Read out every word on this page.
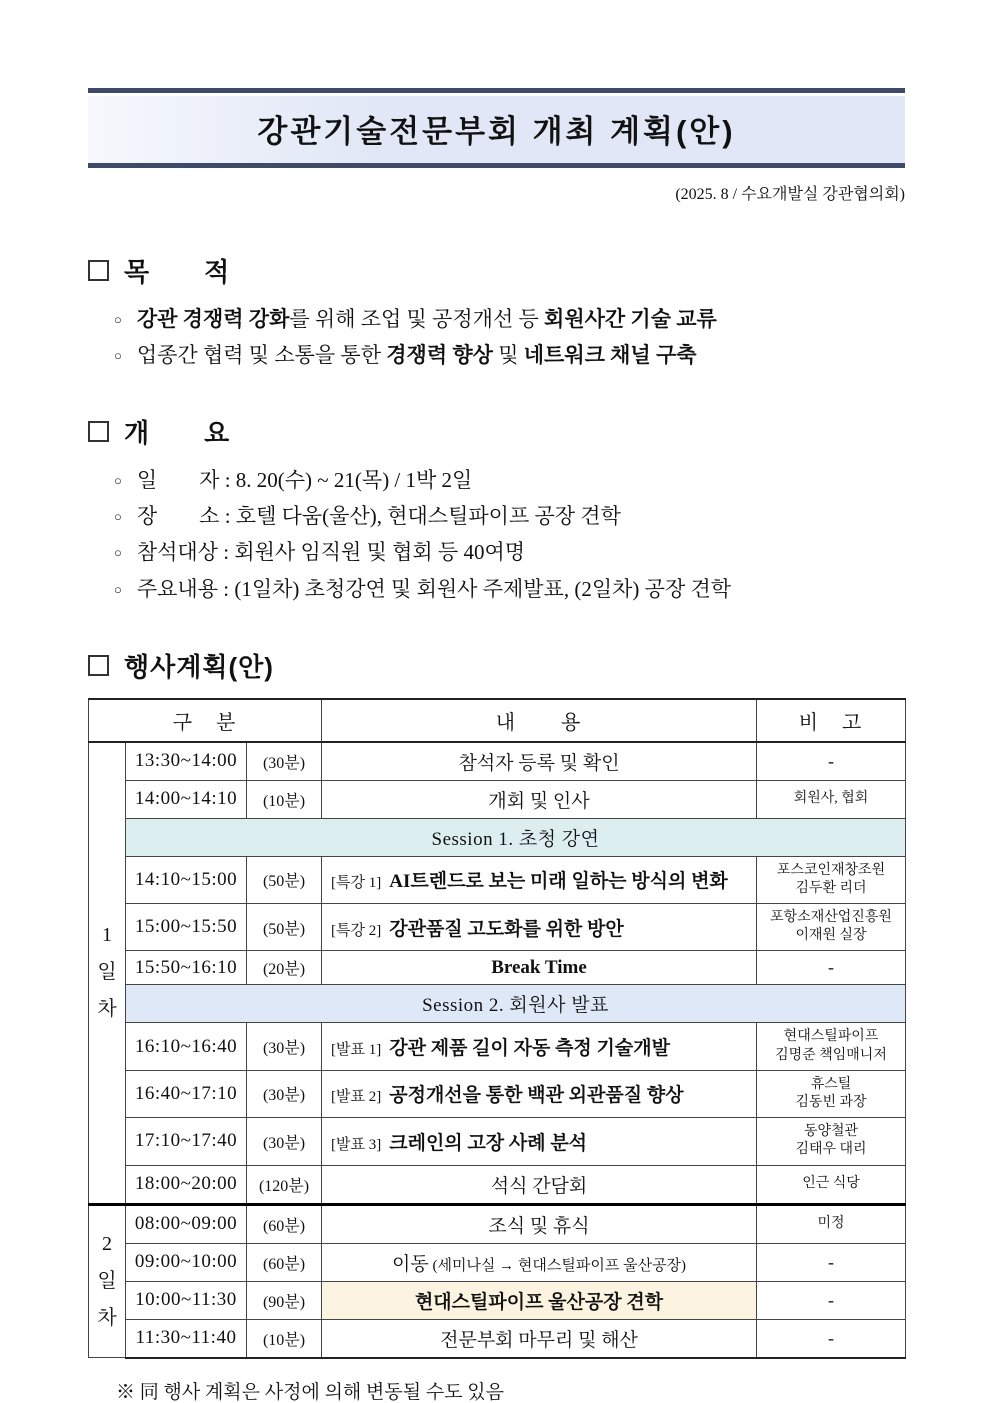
강관기술전문부회 개최 계획(안)
(2025. 8 / 수요개발실 강관협의회)
목　　적
○ 강관 경쟁력 강화를 위해 조업 및 공정개선 등 회원사간 기술 교류
○ 업종간 협력 및 소통을 통한 경쟁력 향상 및 네트워크 채널 구축
개　　요
○ 일　　자 : 8. 20(수) ~ 21(목) / 1박 2일
○ 장　　소 : 호텔 다움(울산), 현대스틸파이프 공장 견학
○ 참석대상 : 회원사 임직원 및 협회 등 40여명
○ 주요내용 : (1일차) 초청강연 및 회원사 주제발표, (2일차) 공장 견학
행사계획(안)
구　분			내　　용	비　고

1
일
차	13:30~14:00	(30분)	참석자 등록 및 확인	-
	14:00~14:10	(10분)	개회 및 인사	회원사, 협회

	Session 1. 초청 강연			
	14:10~15:00	(50분)	[특강 1] AI트렌드로 보는 미래 일하는 방식의 변화	포스코인재창조원
김두환 리더

	15:00~15:50	(50분)	[특강 2] 강관품질 고도화를 위한 방안	포항소재산업진흥원
이재원 실장

	15:50~16:10	(20분)	Break Time	-
	Session 2. 회원사 발표			
	16:10~16:40	(30분)	[발표 1] 강관 제품 길이 자동 측정 기술개발	현대스틸파이프
김명준 책임매니저

	16:40~17:10	(30분)	[발표 2] 공정개선을 통한 백관 외관품질 향상	휴스틸
김동빈 과장

	17:10~17:40	(30분)	[발표 3] 크레인의 고장 사례 분석	동양철관
김태우 대리

	18:00~20:00	(120분)	석식 간담회	인근 식당

2
일
차	08:00~09:00	(60분)	조식 및 휴식	미정

	09:00~10:00	(60분)	이동 (세미나실 → 현대스틸파이프 울산공장)	-
	10:00~11:30	(90분)	현대스틸파이프 울산공장 견학	-
	11:30~11:40	(10분)	전문부회 마무리 및 해산	-
※ 同 행사 계획은 사정에 의해 변동될 수도 있음
